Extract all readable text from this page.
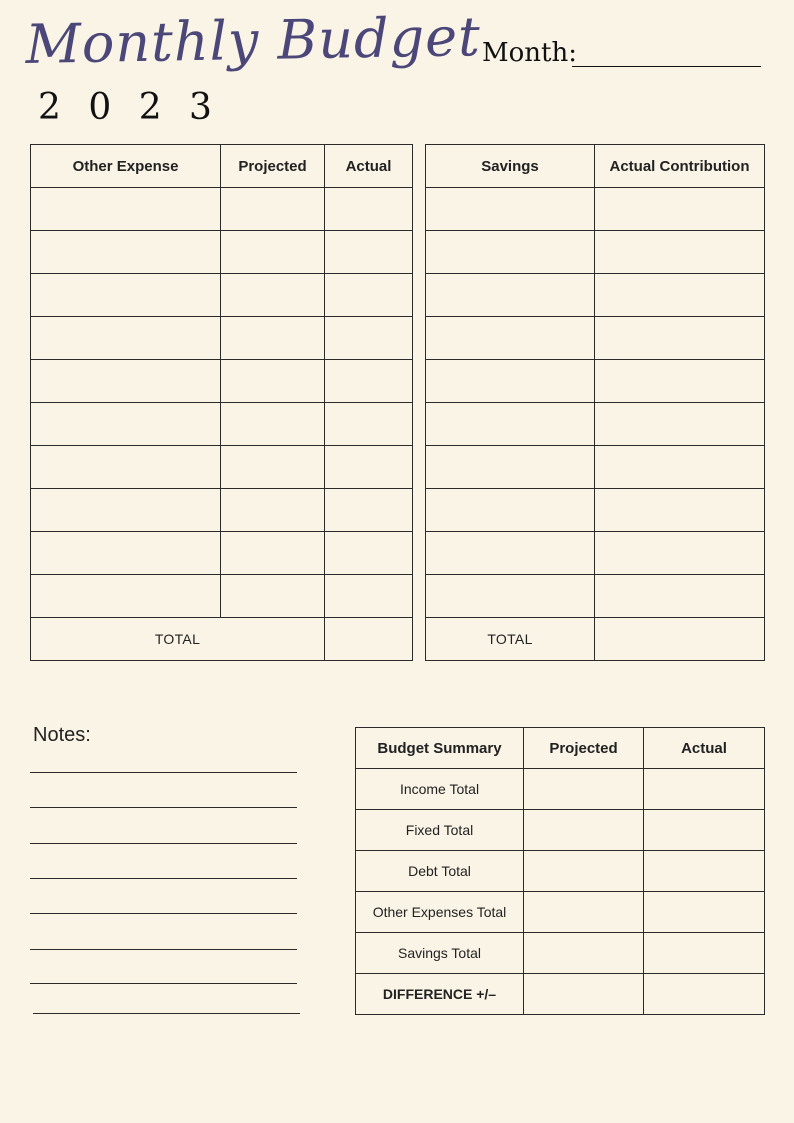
Monthly Budget
2 0 2 3
Month:
Other Expense	Projected	Actual

TOTAL		
Savings	Actual Contribution

TOTAL	
Notes:
Budget Summary	Projected	Actual
Income Total		
Fixed Total		
Debt Total		
Other Expenses Total		
Savings Total		
DIFFERENCE +/–		
